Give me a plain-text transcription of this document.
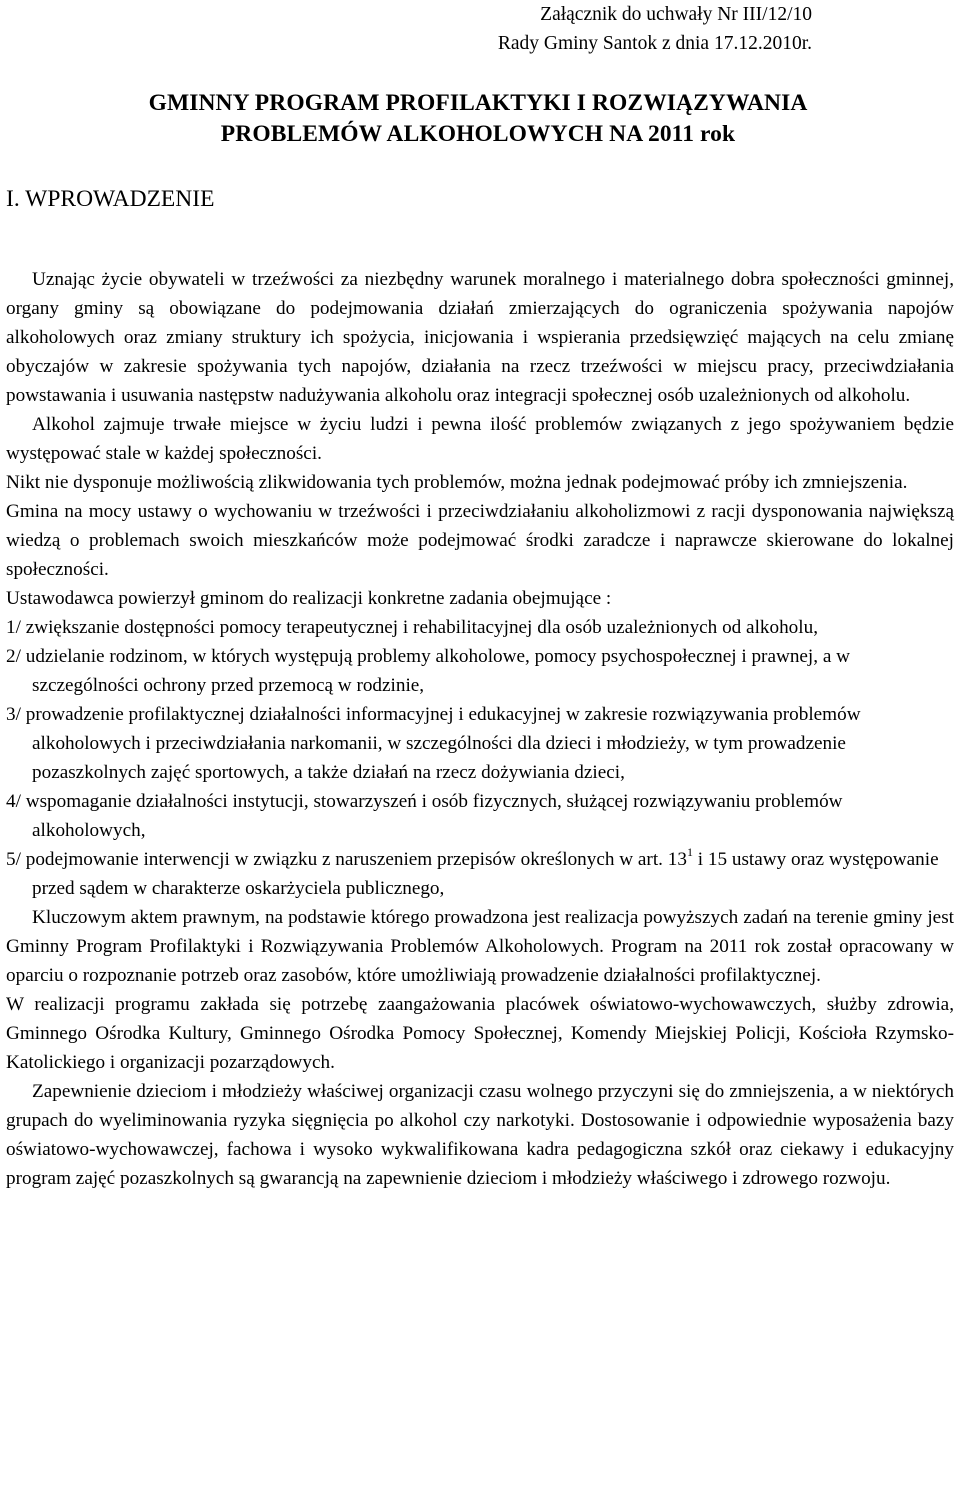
Załącznik do uchwały Nr III/12/10
Rady Gminy Santok z dnia 17.12.2010r.
GMINNY PROGRAM PROFILAKTYKI I ROZWIĄZYWANIA
PROBLEMÓW ALKOHOLOWYCH NA 2011 rok
I. WPROWADZENIE

Uznając życie obywateli w trzeźwości za niezbędny warunek moralnego i materialnego dobra społeczności gminnej, organy gminy są obowiązane do podejmowania działań zmierzających do ograniczenia spożywania napojów alkoholowych oraz zmiany struktury ich spożycia, inicjowania i wspierania przedsięwzięć mających na celu zmianę obyczajów w zakresie spożywania tych napojów, działania na rzecz trzeźwości w miejscu pracy, przeciwdziałania powstawania i usuwania następstw nadużywania alkoholu oraz integracji społecznej osób uzależnionych od alkoholu.

Alkohol zajmuje trwałe miejsce w życiu ludzi i pewna ilość problemów związanych z jego spożywaniem będzie występować stale w każdej społeczności.

Nikt nie dysponuje możliwością zlikwidowania tych problemów, można jednak podejmować próby ich zmniejszenia.

Gmina na mocy ustawy o wychowaniu w trzeźwości i przeciwdziałaniu alkoholizmowi z racji dysponowania największą wiedzą o problemach swoich mieszkańców może podejmować środki zaradcze i naprawcze skierowane do lokalnej społeczności.

Ustawodawca powierzył gminom do realizacji konkretne zadania obejmujące :

1/ zwiększanie dostępności pomocy terapeutycznej i rehabilitacyjnej dla osób uzależnionych od alkoholu,

2/ udzielanie rodzinom, w których występują problemy alkoholowe, pomocy psychospołecznej i prawnej, a w szczególności ochrony przed przemocą w rodzinie,

3/ prowadzenie profilaktycznej działalności informacyjnej i edukacyjnej w zakresie rozwiązywania problemów alkoholowych i przeciwdziałania narkomanii, w szczególności dla dzieci i młodzieży, w tym prowadzenie pozaszkolnych zajęć sportowych, a także działań na rzecz dożywiania dzieci,

4/ wspomaganie działalności instytucji, stowarzyszeń i osób fizycznych, służącej rozwiązywaniu problemów alkoholowych,

5/ podejmowanie interwencji w związku z naruszeniem przepisów określonych w art. $13^1$ i 15 ustawy oraz występowanie przed sądem w charakterze oskarżyciela publicznego,

Kluczowym aktem prawnym, na podstawie którego prowadzona jest realizacja powyższych zadań na terenie gminy jest Gminny Program Profilaktyki i Rozwiązywania Problemów Alkoholowych. Program na 2011 rok został opracowany w oparciu o rozpoznanie potrzeb oraz zasobów, które umożliwiają prowadzenie działalności profilaktycznej.

W realizacji programu zakłada się potrzebę zaangażowania placówek oświatowo-wychowawczych, służby zdrowia, Gminnego Ośrodka Kultury, Gminnego Ośrodka Pomocy Społecznej, Komendy Miejskiej Policji, Kościoła Rzymsko-Katolickiego i organizacji pozarządowych.

Zapewnienie dzieciom i młodzieży właściwej organizacji czasu wolnego przyczyni się do zmniejszenia, a w niektórych grupach do wyeliminowania ryzyka sięgnięcia po alkohol czy narkotyki. Dostosowanie i odpowiednie wyposażenia bazy oświatowo-wychowawczej, fachowa i wysoko wykwalifikowana kadra pedagogiczna szkół oraz ciekawy i edukacyjny program zajęć pozaszkolnych są gwarancją na zapewnienie dzieciom i młodzieży właściwego i zdrowego rozwoju.
